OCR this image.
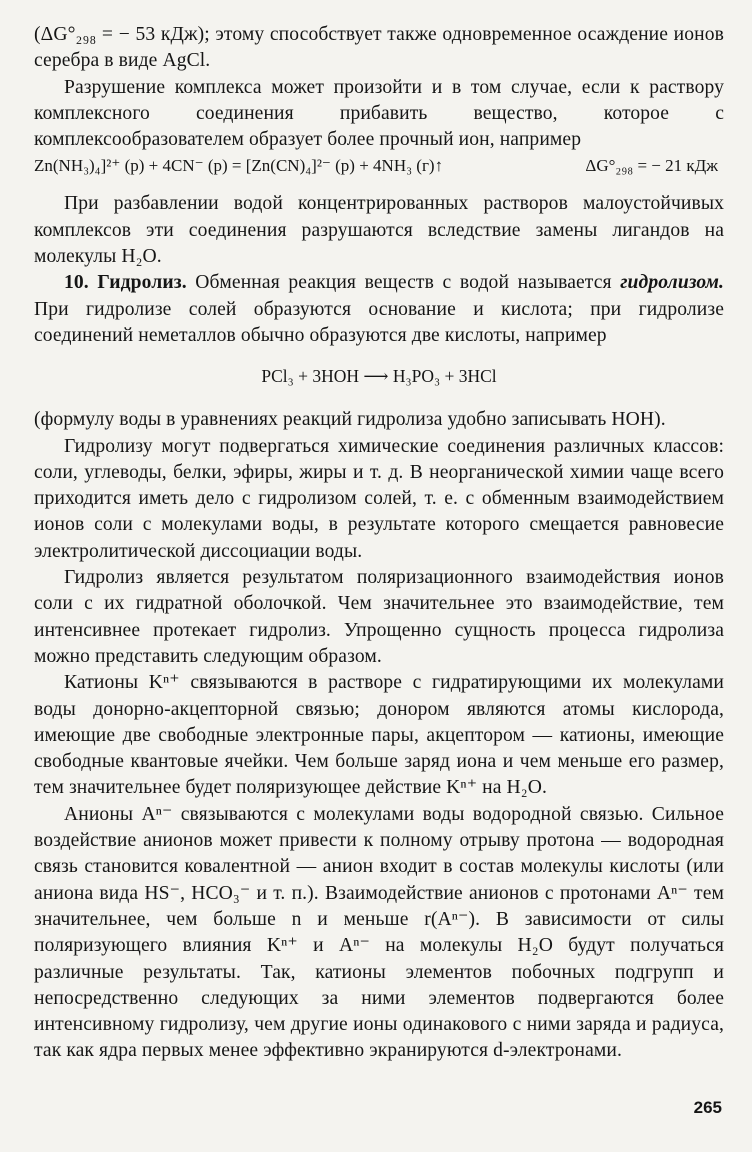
(ΔG°₂₉₈ = − 53 кДж); этому способствует также одновременное осаждение ионов серебра в виде AgCl.

Разрушение комплекса может произойти и в том случае, если к раствору комплексного соединения прибавить вещество, которое с комплексообразователем образует более прочный ион, например

Zn(NH₃)₄]²⁺ (р) + 4CN⁻ (р) = [Zn(CN)₄]²⁻ (р) + 4NH₃ (г)↑	ΔG°₂₉₈ = − 21 кДж

При разбавлении водой концентрированных растворов малоустойчивых комплексов эти соединения разрушаются вследствие замены лигандов на молекулы H₂O.

10. Гидролиз. Обменная реакция веществ с водой называется гидролизом. При гидролизе солей образуются основание и кислота; при гидролизе соединений неметаллов обычно образуются две кислоты, например

PCl₃ + 3HOH ⟶ H₃PO₃ + 3HCl

(формулу воды в уравнениях реакций гидролиза удобно записывать HOH).

Гидролизу могут подвергаться химические соединения различных классов: соли, углеводы, белки, эфиры, жиры и т. д. В неорганической химии чаще всего приходится иметь дело с гидролизом солей, т. е. с обменным взаимодействием ионов соли с молекулами воды, в результате которого смещается равновесие электролитической диссоциации воды.

Гидролиз является результатом поляризационного взаимодействия ионов соли с их гидратной оболочкой. Чем значительнее это взаимодействие, тем интенсивнее протекает гидролиз. Упрощенно сущность процесса гидролиза можно представить следующим образом.

Катионы Kⁿ⁺ связываются в растворе с гидратирующими их молекулами воды донорно-акцепторной связью; донором являются атомы кислорода, имеющие две свободные электронные пары, акцептором — катионы, имеющие свободные квантовые ячейки. Чем больше заряд иона и чем меньше его размер, тем значительнее будет поляризующее действие Kⁿ⁺ на H₂O.

Анионы Aⁿ⁻ связываются с молекулами воды водородной связью. Сильное воздействие анионов может привести к полному отрыву протона — водородная связь становится ковалентной — анион входит в состав молекулы кислоты (или аниона вида HS⁻, HCO₃⁻ и т. п.). Взаимодействие анионов с протонами Aⁿ⁻ тем значительнее, чем больше n и меньше r(Aⁿ⁻). В зависимости от силы поляризующего влияния Kⁿ⁺ и Aⁿ⁻ на молекулы H₂O будут получаться различные результаты. Так, катионы элементов побочных подгрупп и непосредственно следующих за ними элементов подвергаются более интенсивному гидролизу, чем другие ионы одинакового с ними заряда и радиуса, так как ядра первых менее эффективно экранируются d-электронами.

265
